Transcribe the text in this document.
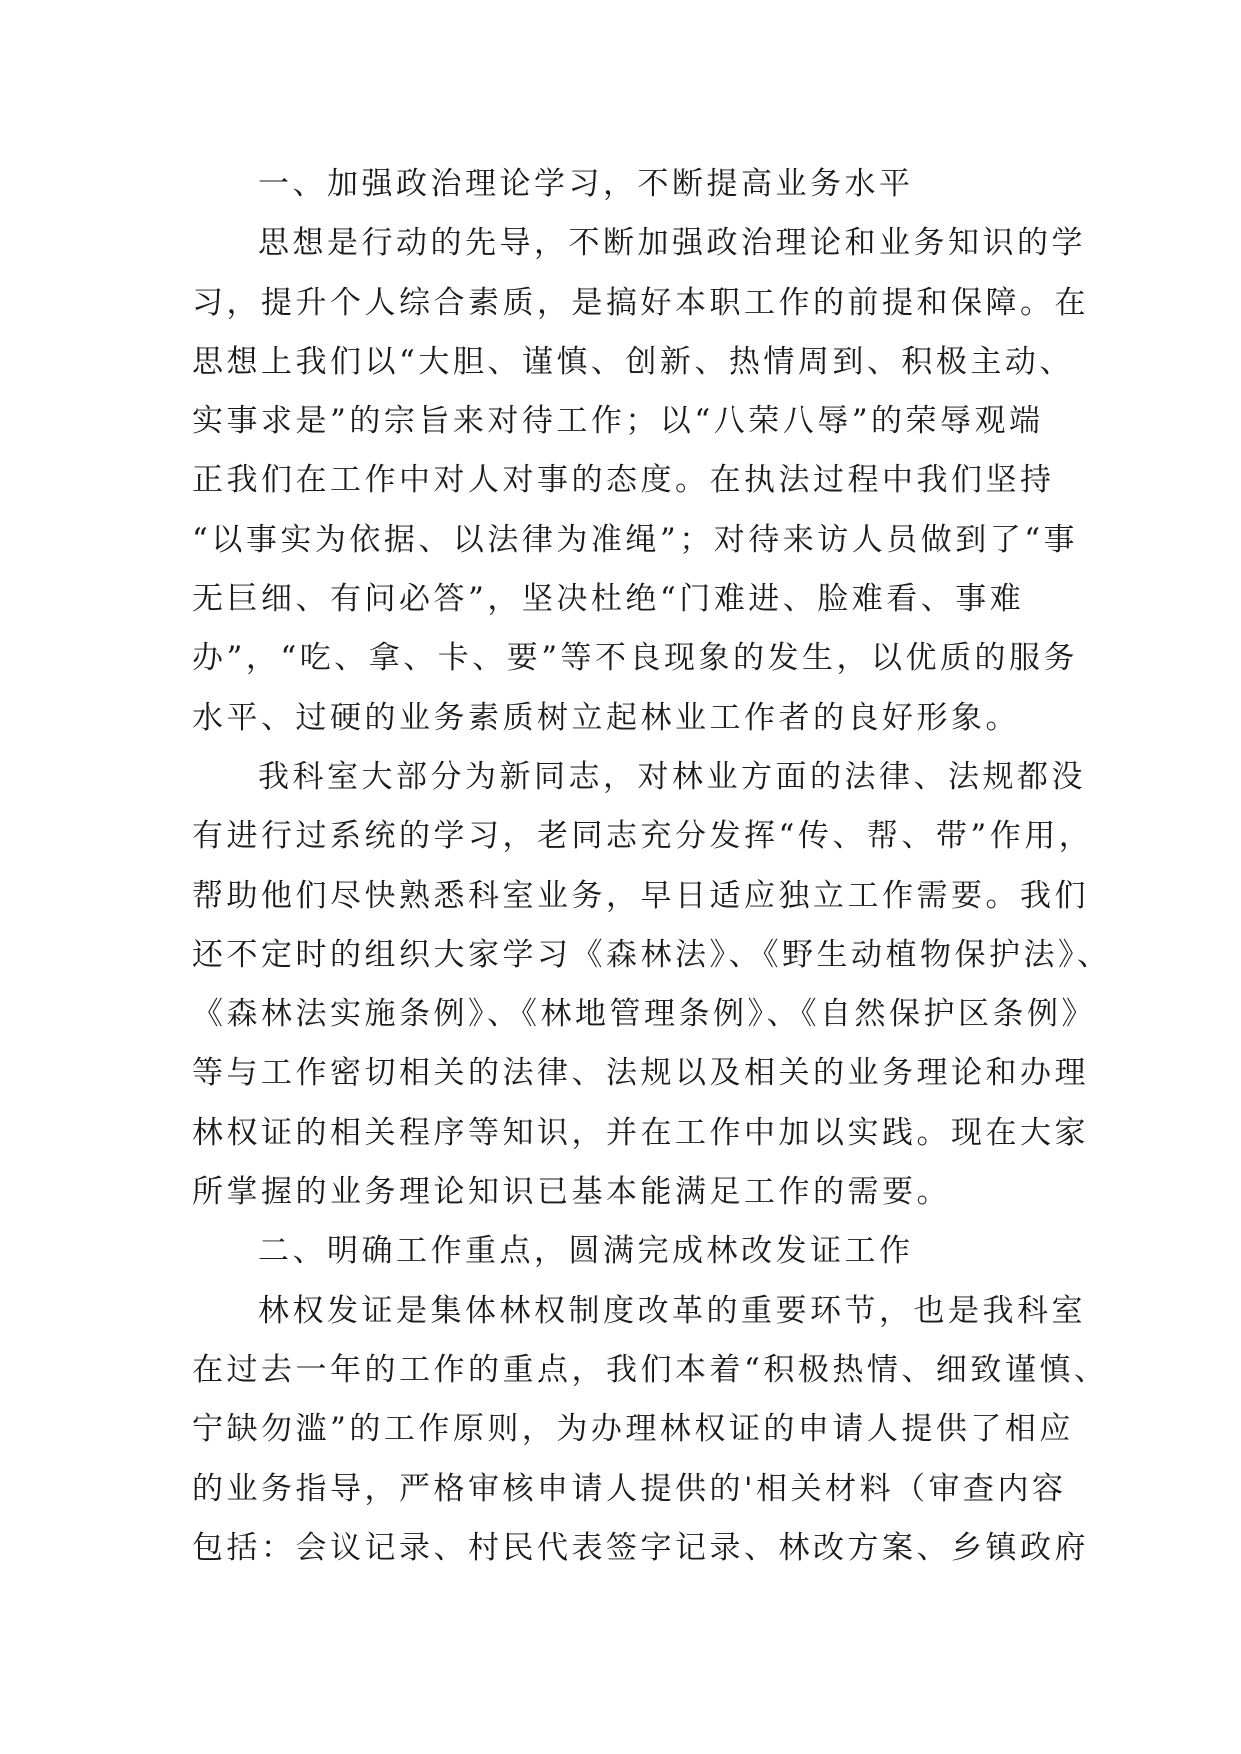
一、加强政治理论学习，不断提高业务水平
思想是行动的先导，不断加强政治理论和业务知识的学
习，提升个人综合素质，是搞好本职工作的前提和保障。在
思想上我们以“大胆、谨慎、创新、热情周到、积极主动、
实事求是”的宗旨来对待工作；以“八荣八辱”的荣辱观端
正我们在工作中对人对事的态度。在执法过程中我们坚持
“以事实为依据、以法律为准绳”；对待来访人员做到了“事
无巨细、有问必答”，坚决杜绝“门难进、脸难看、事难
办”，“吃、拿、卡、要”等不良现象的发生，以优质的服务
水平、过硬的业务素质树立起林业工作者的良好形象。
我科室大部分为新同志，对林业方面的法律、法规都没
有进行过系统的学习，老同志充分发挥“传、帮、带”作用，
帮助他们尽快熟悉科室业务，早日适应独立工作需要。我们
还不定时的组织大家学习《森林法》、《野生动植物保护法》、
《森林法实施条例》、《林地管理条例》、《自然保护区条例》
等与工作密切相关的法律、法规以及相关的业务理论和办理
林权证的相关程序等知识，并在工作中加以实践。现在大家
所掌握的业务理论知识已基本能满足工作的需要。
二、明确工作重点，圆满完成林改发证工作
林权发证是集体林权制度改革的重要环节，也是我科室
在过去一年的工作的重点，我们本着“积极热情、细致谨慎、
宁缺勿滥”的工作原则，为办理林权证的申请人提供了相应
的业务指导，严格审核申请人提供的'相关材料（审查内容
包括：会议记录、村民代表签字记录、林改方案、乡镇政府
